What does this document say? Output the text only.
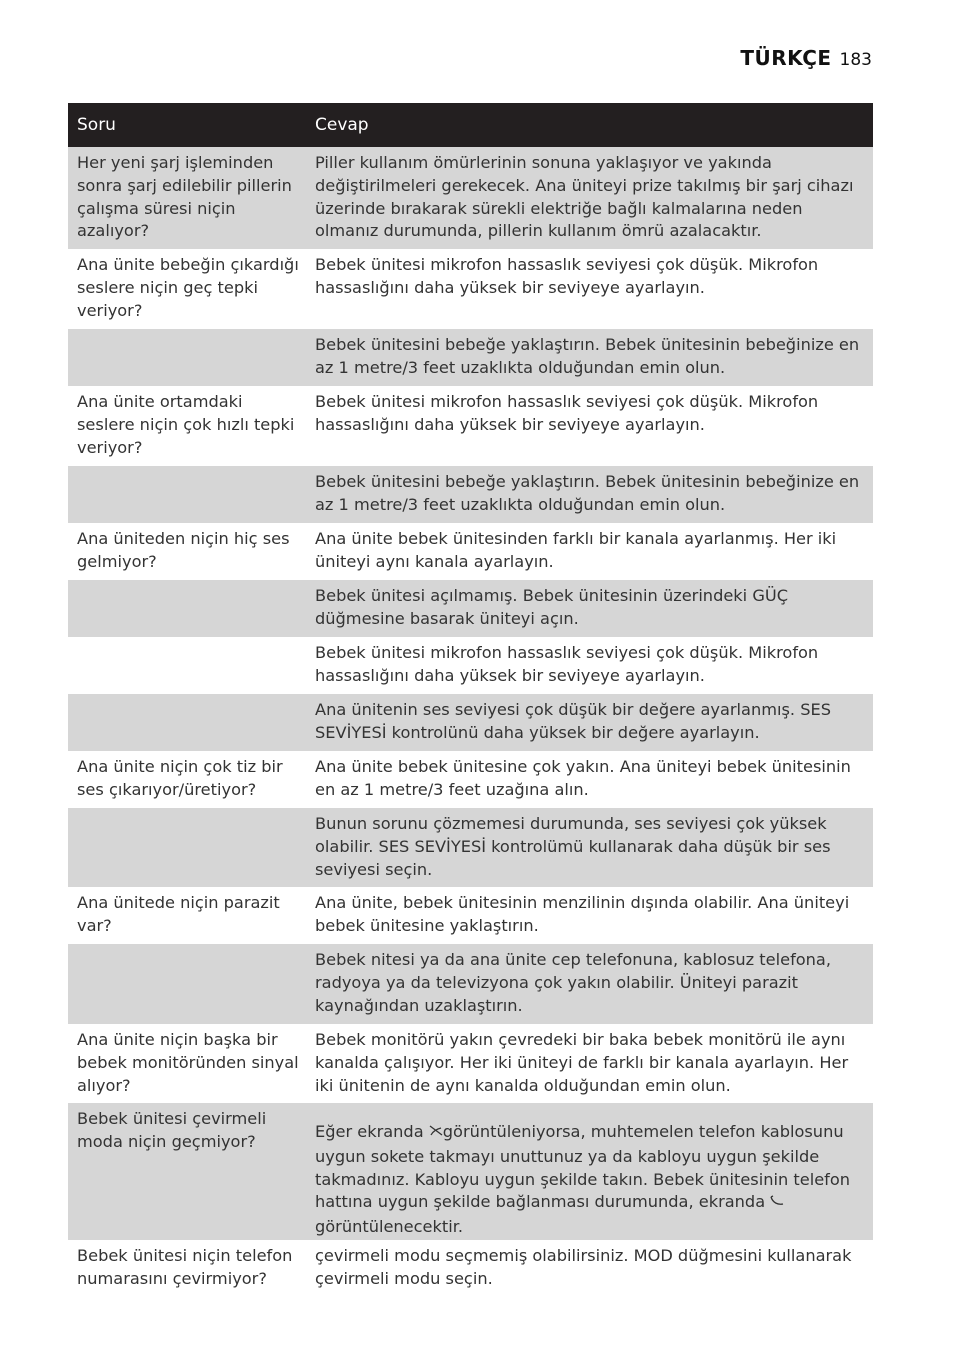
TÜRKÇE 183
Soru	Cevap
Her yeni şarj işleminden sonra şarj edilebilir pillerin çalışma süresi niçin azalıyor?
Piller kullanım ömürlerinin sonuna yaklaşıyor ve yakında değiştirilmeleri gerekecek. Ana üniteyi prize takılmış bir şarj cihazı üzerinde bırakarak sürekli elektriğe bağlı kalmalarına neden olmanız durumunda, pillerin kullanım ömrü azalacaktır.
Ana ünite bebeğin çıkardığı seslere niçin geç tepki veriyor?
Bebek ünitesi mikrofon hassaslık seviyesi çok düşük. Mikrofon hassaslığını daha yüksek bir seviyeye ayarlayın.
Bebek ünitesini bebeğe yaklaştırın. Bebek ünitesinin bebeğinize en az 1 metre/3 feet uzaklıkta olduğundan emin olun.
Ana ünite ortamdaki seslere niçin çok hızlı tepki veriyor?
Bebek ünitesi mikrofon hassaslık seviyesi çok düşük. Mikrofon hassaslığını daha yüksek bir seviyeye ayarlayın.
Bebek ünitesini bebeğe yaklaştırın. Bebek ünitesinin bebeğinize en az 1 metre/3 feet uzaklıkta olduğundan emin olun.
Ana üniteden niçin hiç ses gelmiyor?
Ana ünite bebek ünitesinden farklı bir kanala ayarlanmış. Her iki üniteyi aynı kanala ayarlayın.
Bebek ünitesi açılmamış. Bebek ünitesinin üzerindeki GÜÇ düğmesine basarak üniteyi açın.
Bebek ünitesi mikrofon hassaslık seviyesi çok düşük. Mikrofon hassaslığını daha yüksek bir seviyeye ayarlayın.
Ana ünitenin ses seviyesi çok düşük bir değere ayarlanmış. SES SEVİYESİ kontrolünü daha yüksek bir değere ayarlayın.
Ana ünite niçin çok tiz bir ses çıkarıyor/üretiyor?
Ana ünite bebek ünitesine çok yakın. Ana üniteyi bebek ünitesinin en az 1 metre/3 feet uzağına alın.
Bunun sorunu çözmemesi durumunda, ses seviyesi çok yüksek olabilir. SES SEVİYESİ kontrolümü kullanarak daha düşük bir ses seviyesi seçin.
Ana ünitede niçin parazit var?
Ana ünite, bebek ünitesinin menzilinin dışında olabilir. Ana üniteyi bebek ünitesine yaklaştırın.
Bebek nitesi ya da ana ünite cep telefonuna, kablosuz telefona, radyoya ya da televizyona çok yakın olabilir. Üniteyi parazit kaynağından uzaklaştırın.
Ana ünite niçin başka bir bebek monitöründen sinyal alıyor?
Bebek monitörü yakın çevredeki bir baka bebek monitörü ile aynı kanalda çalışıyor. Her iki üniteyi de farklı bir kanala ayarlayın. Her iki ünitenin de aynı kanalda olduğundan emin olun.
Bebek ünitesi çevirmeli moda niçin geçmiyor?
Eğer ekranda görüntüleniyorsa, muhtemelen telefon kablosunu uygun sokete takmayı unuttunuz ya da kabloyu uygun şekilde takmadınız. Kabloyu uygun şekilde takın. Bebek ünitesinin telefon hattına uygun şekilde bağlanması durumunda, ekranda görüntülenecektir.
Bebek ünitesi niçin telefon numarasını çevirmiyor?
çevirmeli modu seçmemiş olabilirsiniz. MOD düğmesini kullanarak çevirmeli modu seçin.
